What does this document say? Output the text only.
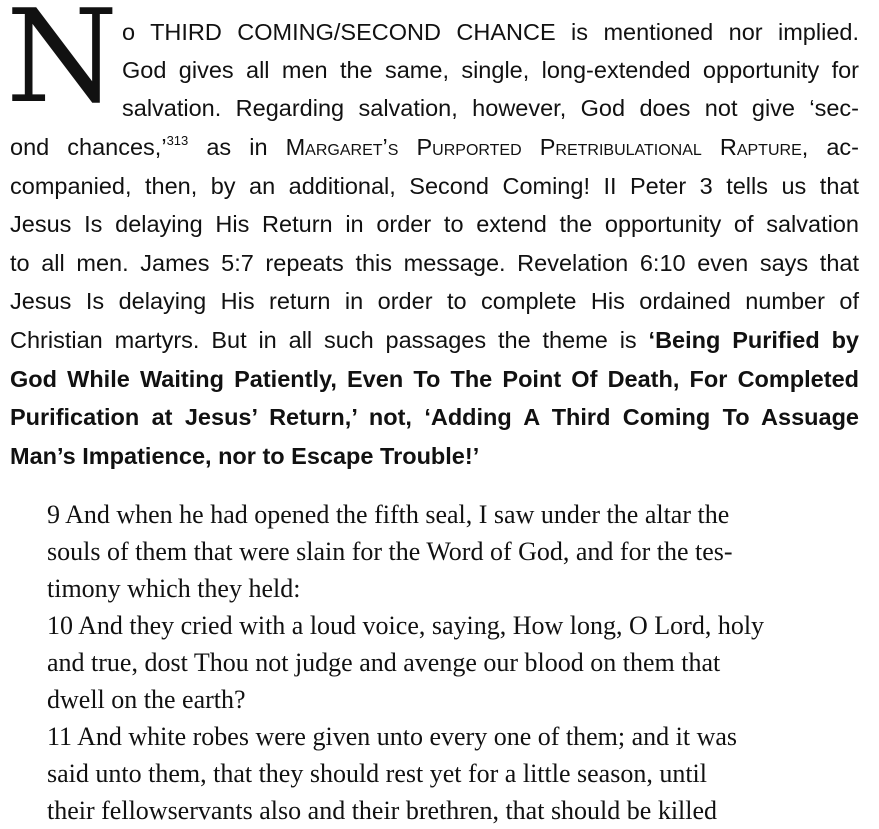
N o THIRD COMING/SECOND CHANCE is mentioned nor implied.
God gives all men the same, single, long-extended opportunity for
salvation. Regarding salvation, however, God does not give ‘sec-
ond chances,’$^{313}$ as in Margaret’s Purported Pretribulational Rapture, ac-
companied, then, by an additional, Second Coming! II Peter 3 tells us that
Jesus Is delaying His Return in order to extend the opportunity of salvation
to all men. James 5:7 repeats this message. Revelation 6:10 even says that
Jesus Is delaying His return in order to complete His ordained number of
Christian martyrs. But in all such passages the theme is ‘Being Purified by
God While Waiting Patiently, Even To The Point Of Death, For Completed
Purification at Jesus’ Return,’ not, ‘Adding A Third Coming To Assuage
Man’s Impatience, nor to Escape Trouble!’
9 And when he had opened the fifth seal, I saw under the altar the
souls of them that were slain for the Word of God, and for the tes-
timony which they held:
10 And they cried with a loud voice, saying, How long, O Lord, holy
and true, dost Thou not judge and avenge our blood on them that
dwell on the earth?
11 And white robes were given unto every one of them; and it was
said unto them, that they should rest yet for a little season, until
their fellowservants also and their brethren, that should be killed
